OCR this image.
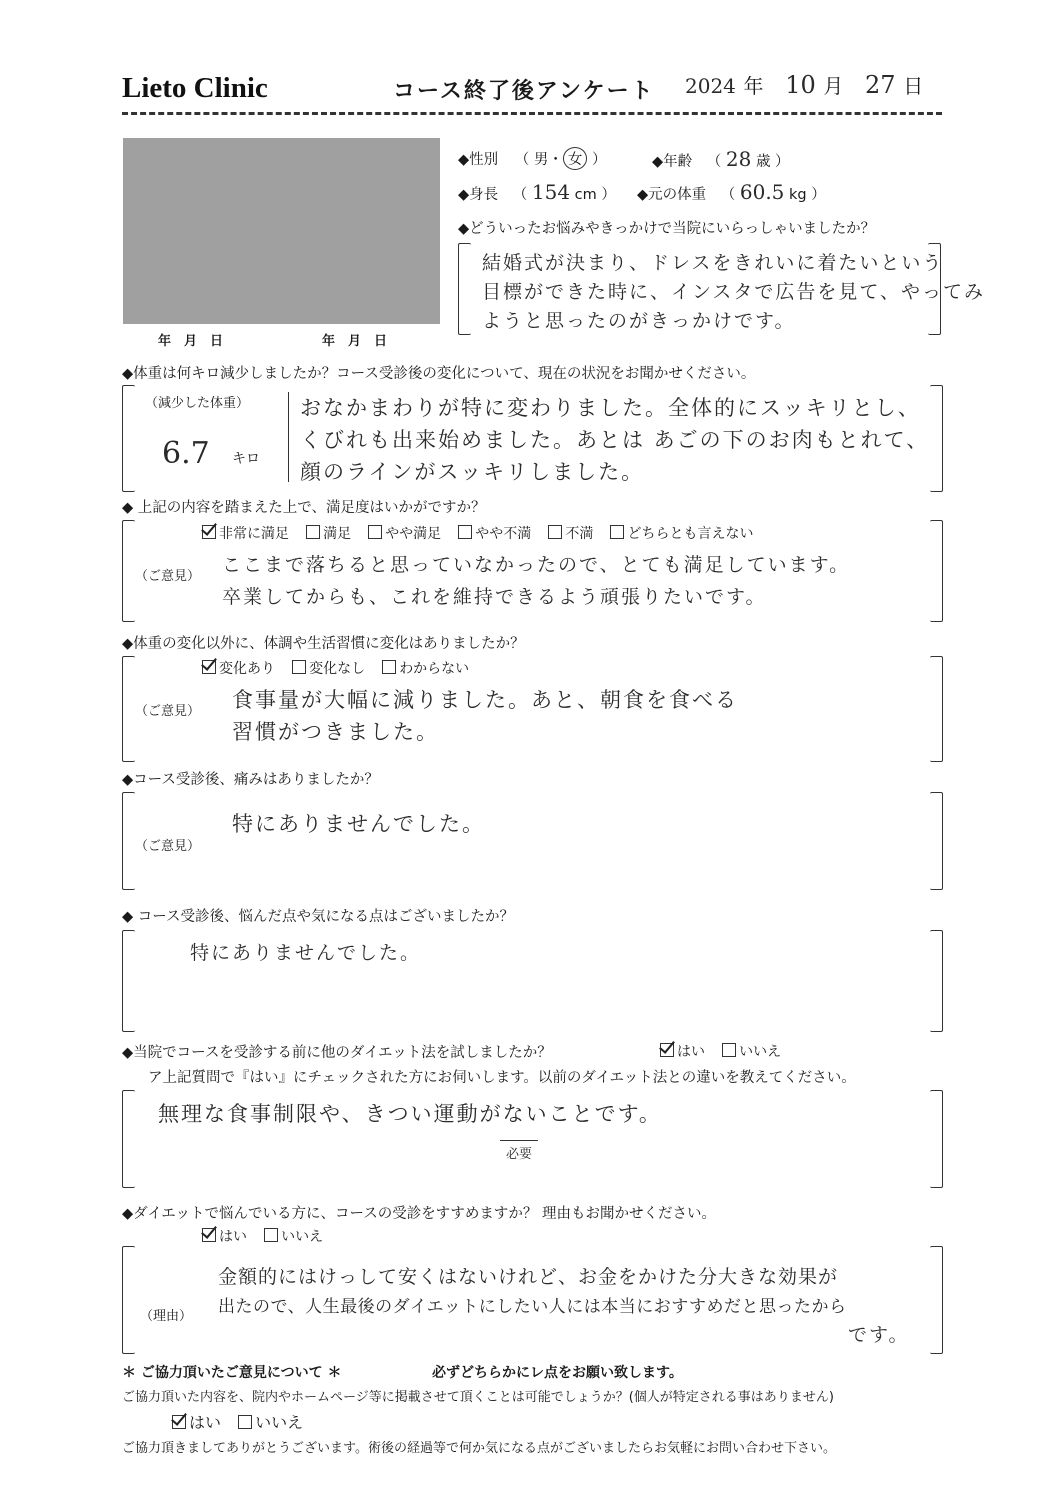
Lieto Clinic	コース終了後アンケート 2024 年 10 月 27 日
年　月　日	年　月　日
◆性別 （ 男・ 女 ）	◆年齢 （ 28 歳 ）
◆身長 （ 154 cm ） ◆元の体重 （ 60.5 kg ）
◆どういったお悩みやきっかけで当院にいらっしゃいましたか？
結婚式が決まり、ドレスをきれいに着たいという
目標ができた時に、インスタで広告を見て、やってみ
ようと思ったのがきっかけです。
◆体重は何キロ減少しましたか？コース受診後の変化について、現在の状況をお聞かせください。
（減少した体重）
6.7 キロ
おなかまわりが特に変わりました。全体的にスッキリとし、
くびれも出来始めました。あとは あごの下のお肉もとれて、
顔のラインがスッキリしました。
◆ 上記の内容を踏まえた上で、満足度はいかがですか？
非常に満足 満足 やや満足 やや不満 不満 どちらとも言えない
（ご意見）
ここまで落ちると思っていなかったので、とても満足しています。
卒業してからも、これを維持できるよう頑張りたいです。
◆体重の変化以外に、体調や生活習慣に変化はありましたか？
変化あり 変化なし わからない
（ご意見） 食事量が大幅に減りました。あと、朝食を食べる
習慣がつきました。
◆コース受診後、痛みはありましたか？
（ご意見）
特にありませんでした。
◆ コース受診後、悩んだ点や気になる点はございましたか？
特にありませんでした。
◆当院でコースを受診する前に他のダイエット法を試しましたか？	はい いいえ
ア上記質問で『はい』にチェックされた方にお伺いします。以前のダイエット法との違いを教えてください。
無理な食事制限や、きつい運動がないことです。
必要
◆ダイエットで悩んでいる方に、コースの受診をすすめますか？ 理由もお聞かせください。
はい いいえ
（理由）
金額的にはけっして安くはないけれど、お金をかけた分大きな効果が
出たので、人生最後のダイエットにしたい人には本当におすすめだと思ったから
です。
＊ ご協力頂いたご意見について ＊	必ずどちらかにレ点をお願い致します。
ご協力頂いた内容を、院内やホームページ等に掲載させて頂くことは可能でしょうか？(個人が特定される事はありません)
はい いいえ
ご協力頂きましてありがとうございます。術後の経過等で何か気になる点がございましたらお気軽にお問い合わせ下さい。
